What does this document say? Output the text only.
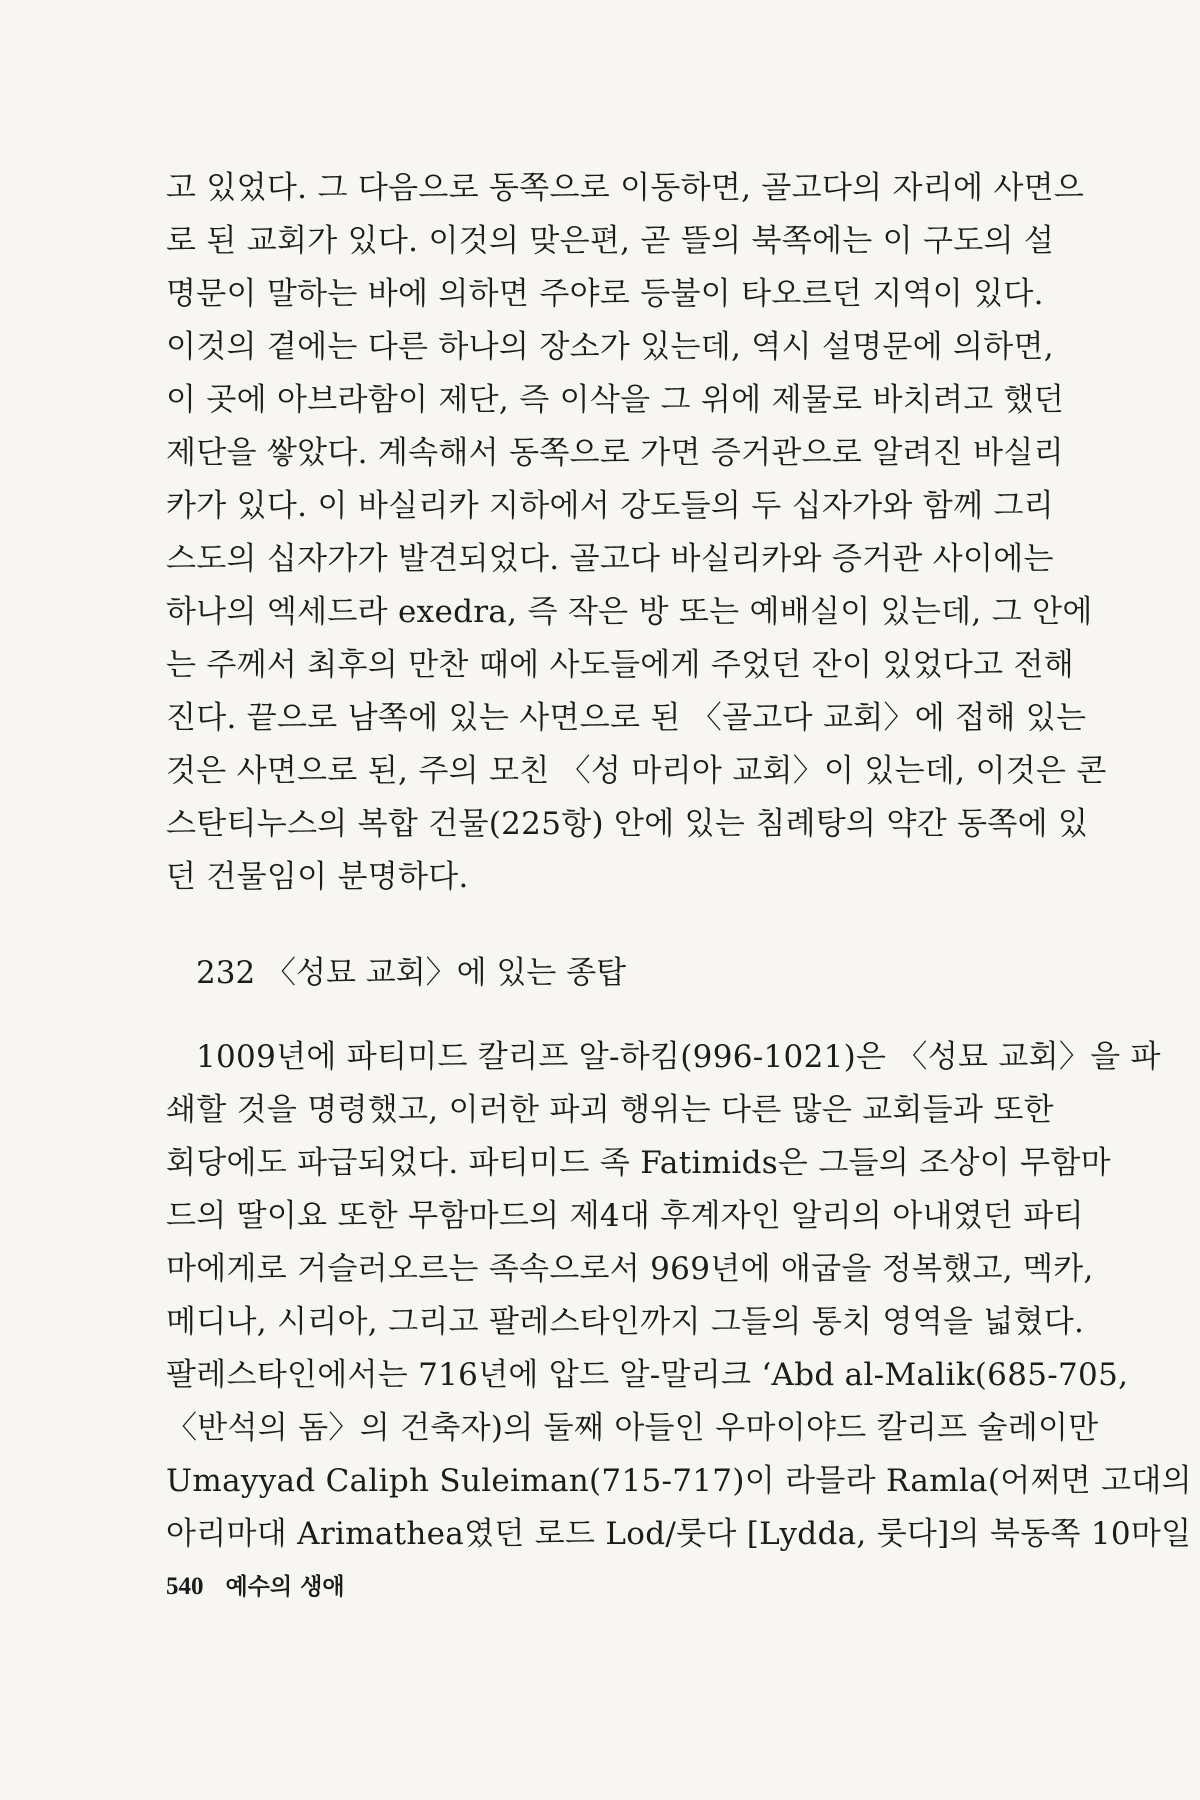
고 있었다. 그 다음으로 동쪽으로 이동하면, 골고다의 자리에 사면으
로 된 교회가 있다. 이것의 맞은편, 곧 뜰의 북쪽에는 이 구도의 설
명문이 말하는 바에 의하면 주야로 등불이 타오르던 지역이 있다.
이것의 곁에는 다른 하나의 장소가 있는데, 역시 설명문에 의하면,
이 곳에 아브라함이 제단, 즉 이삭을 그 위에 제물로 바치려고 했던
제단을 쌓았다. 계속해서 동쪽으로 가면 증거관으로 알려진 바실리
카가 있다. 이 바실리카 지하에서 강도들의 두 십자가와 함께 그리
스도의 십자가가 발견되었다. 골고다 바실리카와 증거관 사이에는
하나의 엑세드라 exedra, 즉 작은 방 또는 예배실이 있는데, 그 안에
는 주께서 최후의 만찬 때에 사도들에게 주었던 잔이 있었다고 전해
진다. 끝으로 남쪽에 있는 사면으로 된 〈골고다 교회〉에 접해 있는
것은 사면으로 된, 주의 모친 〈성 마리아 교회〉이 있는데, 이것은 콘
스탄티누스의 복합 건물(225항) 안에 있는 침례탕의 약간 동쪽에 있
던 건물임이 분명하다.
232 〈성묘 교회〉에 있는 종탑
1009년에 파티미드 칼리프 알-하킴(996-1021)은 〈성묘 교회〉을 파
쇄할 것을 명령했고, 이러한 파괴 행위는 다른 많은 교회들과 또한
회당에도 파급되었다. 파티미드 족 Fatimids은 그들의 조상이 무함마
드의 딸이요 또한 무함마드의 제4대 후계자인 알리의 아내였던 파티
마에게로 거슬러오르는 족속으로서 969년에 애굽을 정복했고, 멕카,
메디나, 시리아, 그리고 팔레스타인까지 그들의 통치 영역을 넓혔다.
팔레스타인에서는 716년에 압드 알-말리크 ‘Abd al-Malik(685-705,
〈반석의 돔〉의 건축자)의 둘째 아들인 우마이야드 칼리프 술레이만
Umayyad Caliph Suleiman(715-717)이 라믈라 Ramla(어쩌면 고대의
아리마대 Arimathea였던 로드 Lod/룻다 [Lydda, 룻다]의 북동쪽 10마일
540 예수의 생애
